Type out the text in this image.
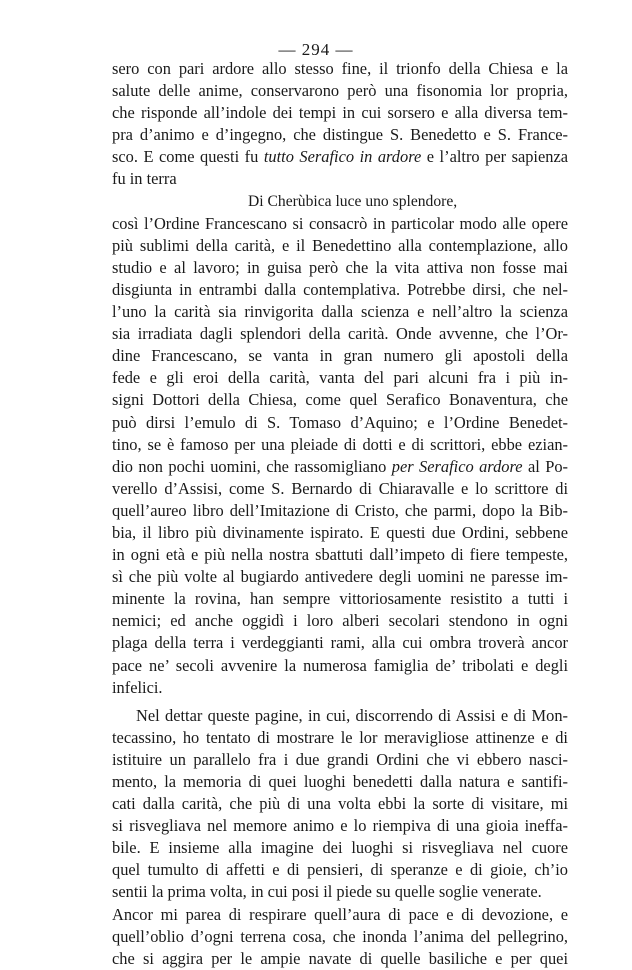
— 294 —
sero con pari ardore allo stesso fine, il trionfo della Chiesa e la
salute delle anime, conservarono però una fisonomia lor propria,
che risponde all’indole dei tempi in cui sorsero e alla diversa tem-
pra d’animo e d’ingegno, che distingue S. Benedetto e S. France-
sco. E come questi fu tutto Serafico in ardore e l’altro per sapienza
fu in terra
Di Cherùbica luce uno splendore,
così l’Ordine Francescano si consacrò in particolar modo alle opere
più sublimi della carità, e il Benedettino alla contemplazione, allo
studio e al lavoro; in guisa però che la vita attiva non fosse mai
disgiunta in entrambi dalla contemplativa. Potrebbe dirsi, che nel-
l’uno la carità sia rinvigorita dalla scienza e nell’altro la scienza
sia irradiata dagli splendori della carità. Onde avvenne, che l’Or-
dine Francescano, se vanta in gran numero gli apostoli della
fede e gli eroi della carità, vanta del pari alcuni fra i più in-
signi Dottori della Chiesa, come quel Serafico Bonaventura, che
può dirsi l’emulo di S. Tomaso d’Aquino; e l’Ordine Benedet-
tino, se è famoso per una pleiade di dotti e di scrittori, ebbe ezian-
dio non pochi uomini, che rassomigliano per Serafico ardore al Po-
verello d’Assisi, come S. Bernardo di Chiaravalle e lo scrittore di
quell’aureo libro dell’Imitazione di Cristo, che parmi, dopo la Bib-
bia, il libro più divinamente ispirato. E questi due Ordini, sebbene
in ogni età e più nella nostra sbattuti dall’impeto di fiere tempeste,
sì che più volte al bugiardo antivedere degli uomini ne paresse im-
minente la rovina, han sempre vittoriosamente resistito a tutti i
nemici; ed anche oggidì i loro alberi secolari stendono in ogni
plaga della terra i verdeggianti rami, alla cui ombra troverà ancor
pace ne’ secoli avvenire la numerosa famiglia de’ tribolati e degli
infelici.
Nel dettar queste pagine, in cui, discorrendo di Assisi e di Mon-
tecassino, ho tentato di mostrare le lor meravigliose attinenze e di
istituire un parallelo fra i due grandi Ordini che vi ebbero nasci-
mento, la memoria di quei luoghi benedetti dalla natura e santifi-
cati dalla carità, che più di una volta ebbi la sorte di visitare, mi
si risvegliava nel memore animo e lo riempiva di una gioia ineffa-
bile. E insieme alla imagine dei luoghi si risvegliava nel cuore
quel tumulto di affetti e di pensieri, di speranze e di gioie, ch’io
sentii la prima volta, in cui posi il piede su quelle soglie venerate.
Ancor mi parea di respirare quell’aura di pace e di devozione, e
quell’oblio d’ogni terrena cosa, che inonda l’anima del pellegrino,
che si aggira per le ampie navate di quelle basiliche e per quei
